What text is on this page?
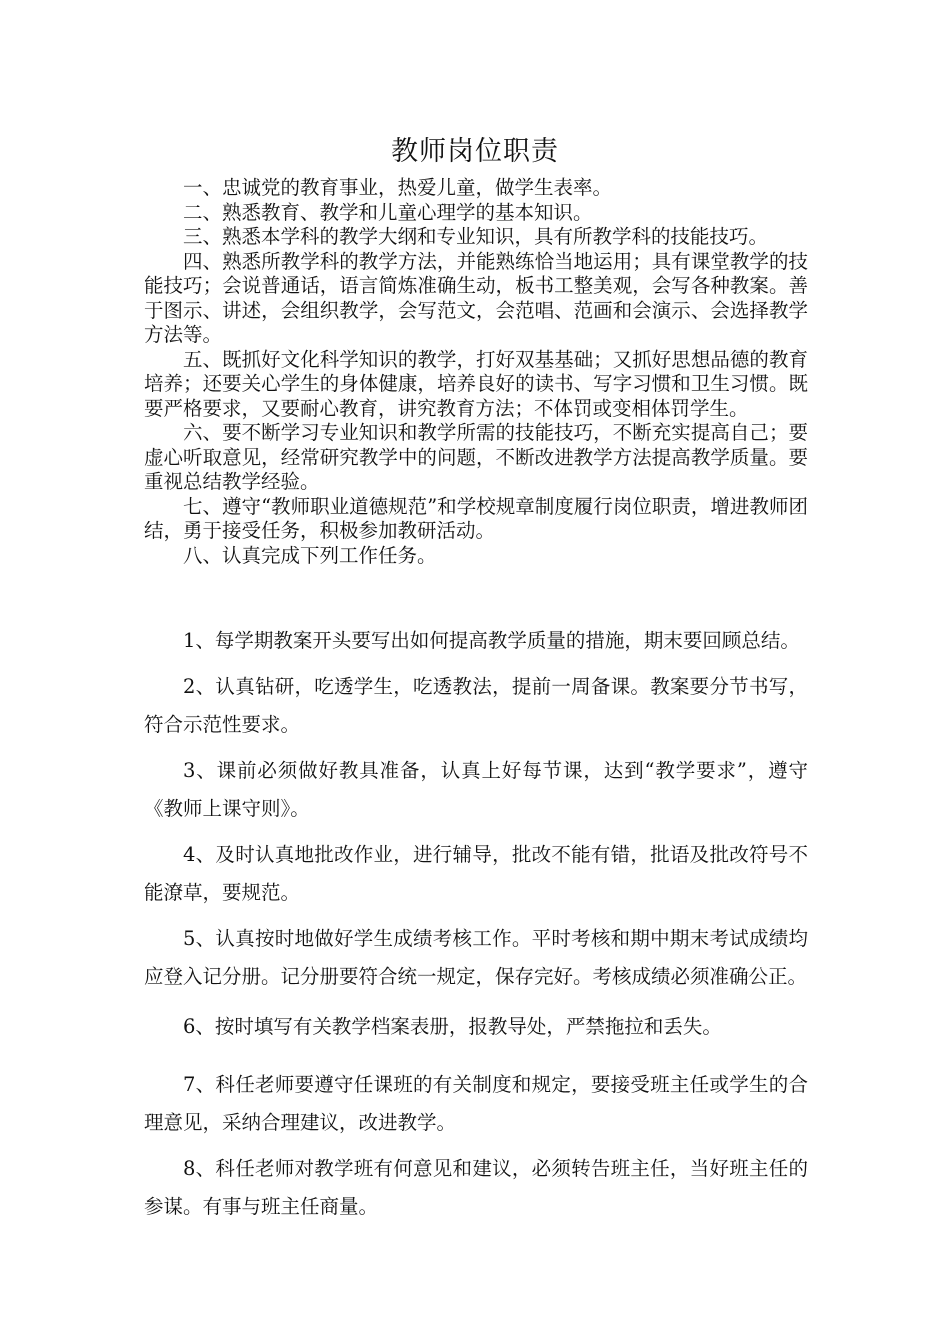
教师岗位职责

一、忠诚党的教育事业，热爱儿童，做学生表率。

二、熟悉教育、教学和儿童心理学的基本知识。

三、熟悉本学科的教学大纲和专业知识，具有所教学科的技能技巧。

四、熟悉所教学科的教学方法，并能熟练恰当地运用；具有课堂教学的技能技巧；会说普通话，语言简炼准确生动，板书工整美观，会写各种教案。善于图示、讲述，会组织教学，会写范文，会范唱、范画和会演示、会选择教学方法等。

五、既抓好文化科学知识的教学，打好双基基础；又抓好思想品德的教育培养；还要关心学生的身体健康，培养良好的读书、写字习惯和卫生习惯。既要严格要求，又要耐心教育，讲究教育方法；不体罚或变相体罚学生。

六、要不断学习专业知识和教学所需的技能技巧，不断充实提高自己；要虚心听取意见，经常研究教学中的问题，不断改进教学方法提高教学质量。要重视总结教学经验。

七、遵守“教师职业道德规范”和学校规章制度履行岗位职责，增进教师团结，勇于接受任务，积极参加教研活动。

八、认真完成下列工作任务。

1、每学期教案开头要写出如何提高教学质量的措施，期末要回顾总结。

2、认真钻研，吃透学生，吃透教法，提前一周备课。教案要分节书写，符合示范性要求。

3、课前必须做好教具准备，认真上好每节课，达到“教学要求”，遵守《教师上课守则》。

4、及时认真地批改作业，进行辅导，批改不能有错，批语及批改符号不能潦草，要规范。

5、认真按时地做好学生成绩考核工作。平时考核和期中期末考试成绩均应登入记分册。记分册要符合统一规定，保存完好。考核成绩必须准确公正。

6、按时填写有关教学档案表册，报教导处，严禁拖拉和丢失。

7、科任老师要遵守任课班的有关制度和规定，要接受班主任或学生的合理意见，采纳合理建议，改进教学。

8、科任老师对教学班有何意见和建议，必须转告班主任，当好班主任的参谋。有事与班主任商量。
